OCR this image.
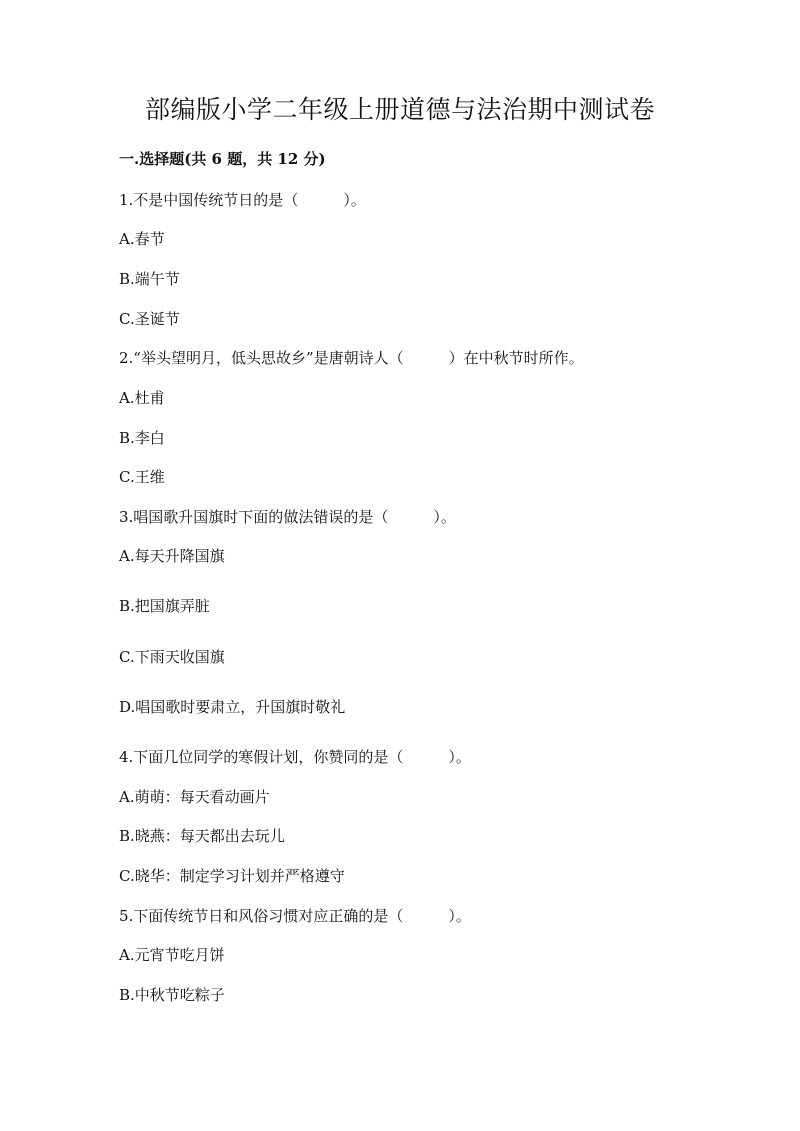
部编版小学二年级上册道德与法治期中测试卷
一.选择题(共 6 题，共 12 分)
1.不是中国传统节日的是（　　　）。
A.春节
B.端午节
C.圣诞节
2.“举头望明月，低头思故乡”是唐朝诗人（　　　）在中秋节时所作。
A.杜甫
B.李白
C.王维
3.唱国歌升国旗时下面的做法错误的是（　　　）。
A.每天升降国旗
B.把国旗弄脏
C.下雨天收国旗
D.唱国歌时要肃立，升国旗时敬礼
4.下面几位同学的寒假计划，你赞同的是（　　　）。
A.萌萌：每天看动画片
B.晓燕：每天都出去玩儿
C.晓华：制定学习计划并严格遵守
5.下面传统节日和风俗习惯对应正确的是（　　　）。
A.元宵节吃月饼
B.中秋节吃粽子
